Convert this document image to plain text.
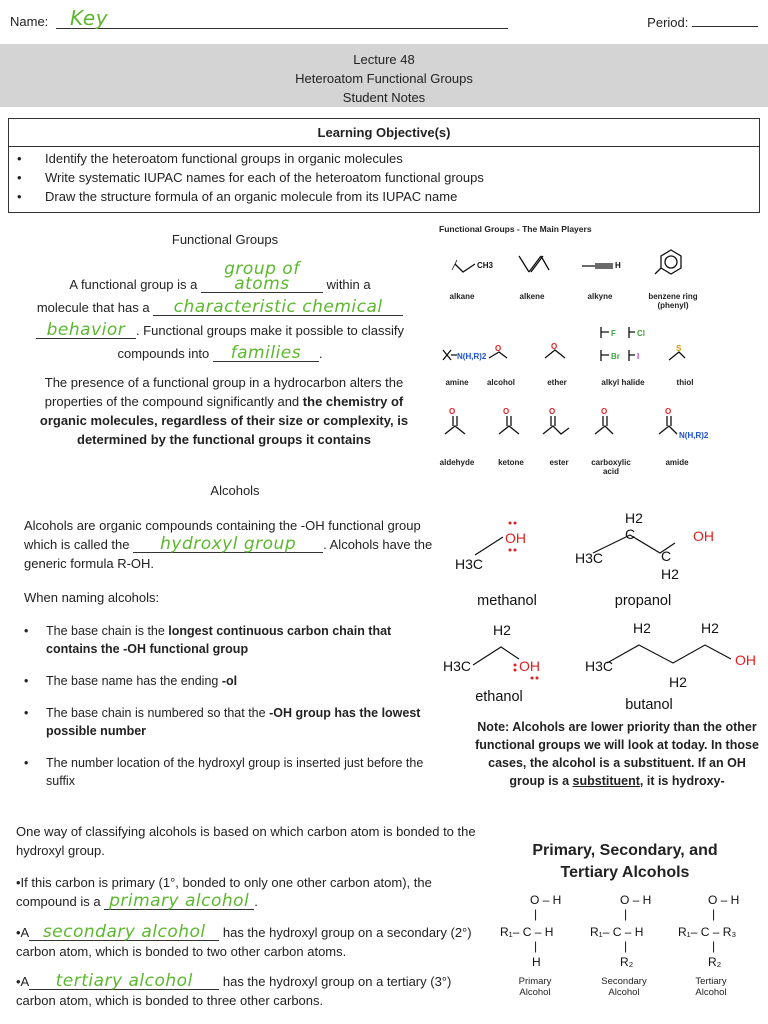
Name: Key	Period:
Lecture 48
Heteroatom Functional Groups
Student Notes
Learning Objective(s)
• Identify the heteroatom functional groups in organic molecules
• Write systematic IUPAC names for each of the heteroatom functional groups
• Draw the structure formula of an organic molecule from its IUPAC name
Functional Groups
A functional group is a group of atoms	within a
molecule that has a characteristic chemical
behavior . Functional groups make it possible to classify
compounds into families .
The presence of a functional group in a hydrocarbon alters the properties of the compound significantly and the chemistry of organic molecules, regardless of their size or complexity, is determined by the functional groups it contains
Functional Groups - The Main Players
CH3	H
N(H,R)2
O	O
F	Cl
Br I
S
O	O	O	O	O
N(H,R)2
alkane	alkene	alkyne	benzene ring (phenyl)
amine	alcohol	ether	alkyl halide	thiol
aldehyde	ketone	ester	carboxylic acid
amide
Alcohols
Alcohols are organic compounds containing the -OH functional group which is called the hydroxyl group . Alcohols have the generic formula R-OH.
When naming alcohols:
• The base chain is the longest continuous carbon chain that contains the -OH functional group
• The base name has the ending -ol
• The base chain is numbered so that the -OH group has the lowest possible number
• The number location of the hydroxyl group is inserted just before the suffix
H3C
OH
H3C
C
H2
C
H2
OH
H3C
H2
OH	H3C
H2
H2
H2
OH
methanol	propanol
ethanol	butanol
Note: Alcohols are lower priority than the other functional groups we will look at today. In those cases, the alcohol is a substituent. If an OH group is a substituent, it is hydroxy-
One way of classifying alcohols is based on which carbon atom is bonded to the hydroxyl group.
•If this carbon is primary (1°, bonded to only one other carbon atom), the compound is a primary alcohol .
•A secondary alcohol has the hydroxyl group on a secondary (2°) carbon atom, which is bonded to two other carbon atoms.
•A tertiary alcohol has the hydroxyl group on a tertiary (3°) carbon atom, which is bonded to three other carbons.
Primary, Secondary, and
Tertiary Alcohols
O – H
|
R₁– C – H
|
H
O – H
|
R₁– C – H
|
R₂
O – H
|
R₁– C – R₃
|
R₂
Primary Alcohol
Secondary Alcohol
Tertiary Alcohol
